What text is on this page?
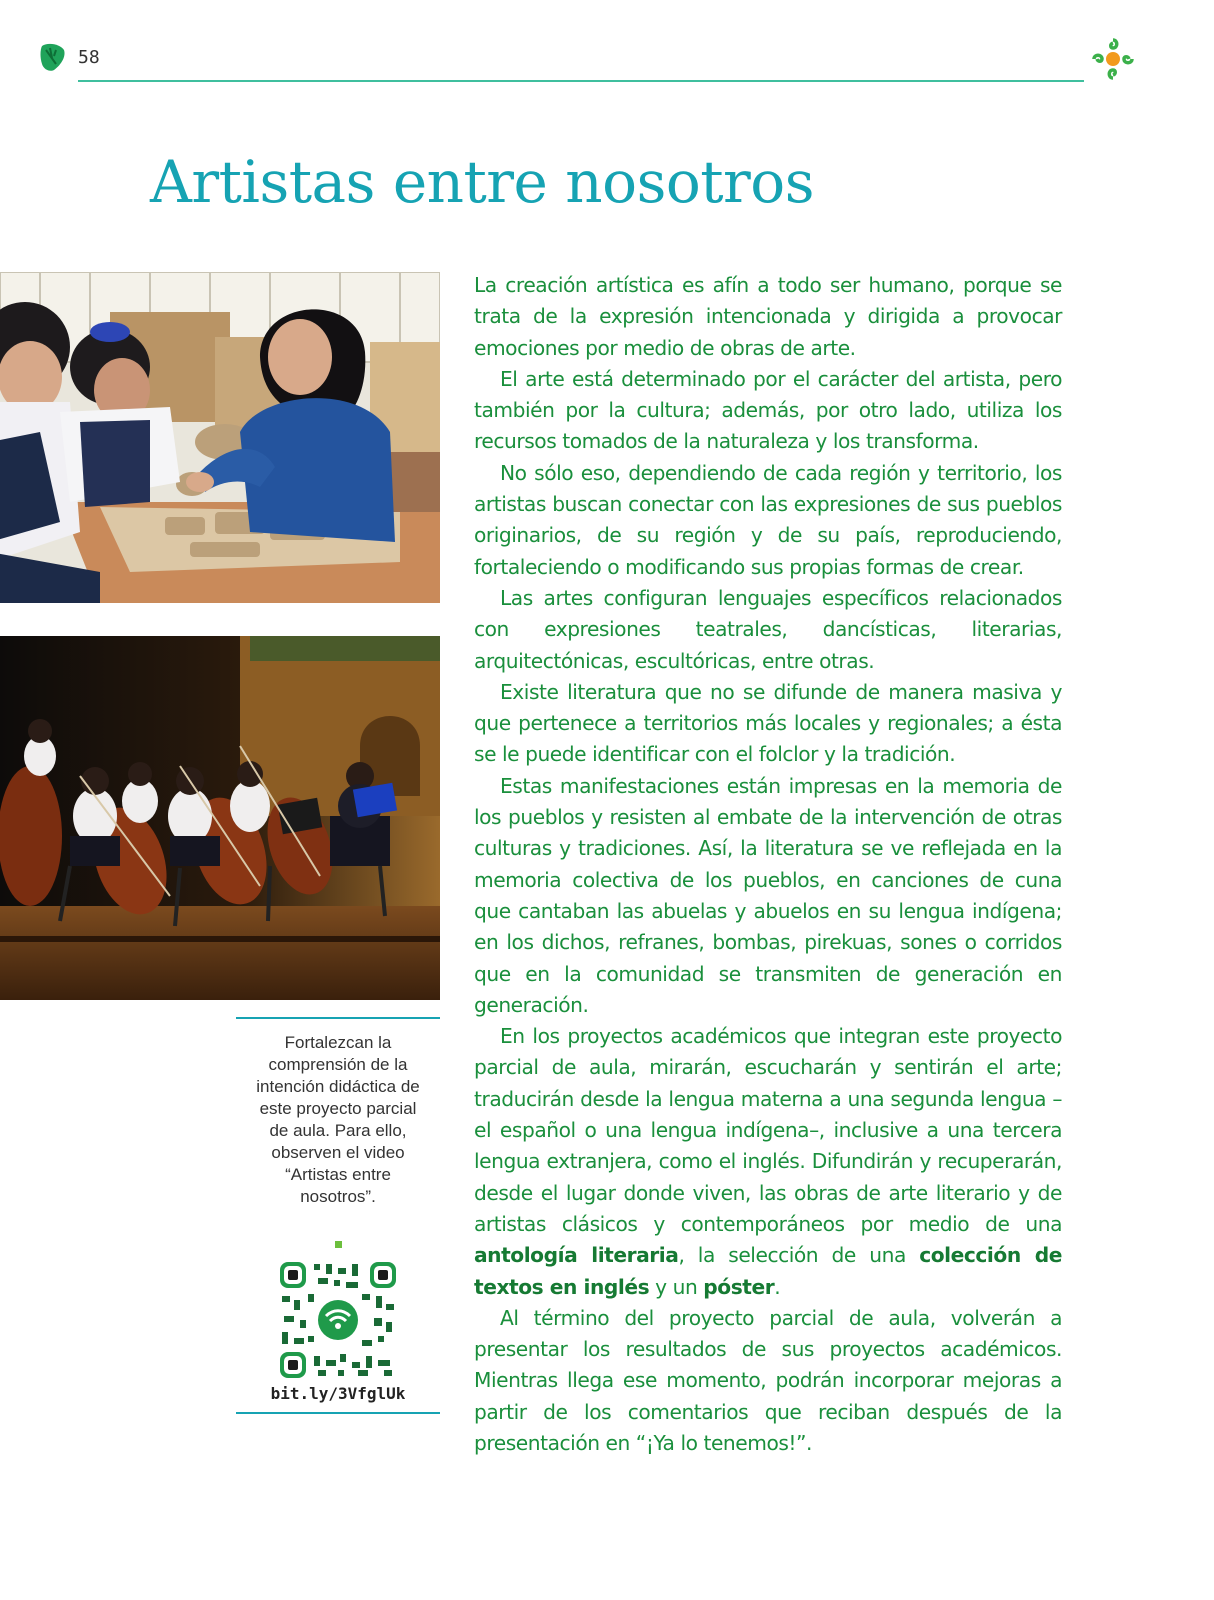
58
Artistas entre nosotros

Fortalezcan la comprensión de la intención didáctica de este proyecto parcial de aula. Para ello, observen el video “Artistas entre nosotros”.

bit.ly/3VfglUk

La creación artística es afín a todo ser humano, porque se trata de la expresión intencionada y dirigida a provocar emociones por medio de obras de arte.

El arte está determinado por el carácter del artista, pero también por la cultura; además, por otro lado, utiliza los recursos tomados de la naturaleza y los transforma.

No sólo eso, dependiendo de cada región y territorio, los artistas buscan conectar con las expresiones de sus pueblos originarios, de su región y de su país, reproduciendo, fortaleciendo o modificando sus propias formas de crear.

Las artes configuran lenguajes específicos relacionados con expresiones teatrales, dancísticas, literarias, arquitectónicas, escultóricas, entre otras.

Existe literatura que no se difunde de manera masiva y que pertenece a territorios más locales y regionales; a ésta se le puede identificar con el folclor y la tradición.

Estas manifestaciones están impresas en la memoria de los pueblos y resisten al embate de la intervención de otras culturas y tradiciones. Así, la literatura se ve reflejada en la memoria colectiva de los pueblos, en canciones de cuna que cantaban las abuelas y abuelos en su lengua indígena; en los dichos, refranes, bombas, pirekuas, sones o corridos que en la comunidad se transmiten de generación en generación.

En los proyectos académicos que integran este proyecto parcial de aula, mirarán, escucharán y sentirán el arte; traducirán desde la lengua materna a una segunda lengua –el español o una lengua indígena–, inclusive a una tercera lengua extranjera, como el inglés. Difundirán y recuperarán, desde el lugar donde viven, las obras de arte literario y de artistas clásicos y contemporáneos por medio de una antología literaria, la selección de una colección de textos en inglés y un póster.

Al término del proyecto parcial de aula, volverán a presentar los resultados de sus proyectos académicos. Mientras llega ese momento, podrán incorporar mejoras a partir de los comentarios que reciban después de la presentación en “¡Ya lo tenemos!”.
